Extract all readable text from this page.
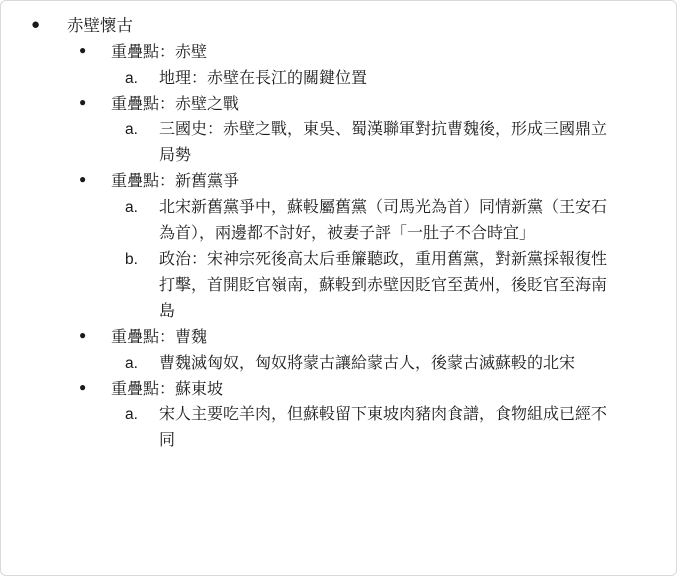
●	赤壁懷古
●	重疊點：赤壁
a.	地理：赤壁在長江的關鍵位置
●	重疊點：赤壁之戰
a.	三國史：赤壁之戰，東吳、蜀漢聯軍對抗曹魏後，形成三國鼎立局勢
●	重疊點：新舊黨爭
a.	北宋新舊黨爭中，蘇軗屬舊黨（司馬光為首）同情新黨（王安石為首），兩邊都不討好，被妻子評「一肚子不合時宜」
b.	政治：宋神宗死後高太后垂簾聽政，重用舊黨，對新黨採報復性打擊，首開貶官嶺南，蘇軗到赤壁因貶官至黃州，後貶官至海南島
●	重疊點：曹魏
a.	曹魏滅匈奴，匈奴將蒙古讓給蒙古人，後蒙古滅蘇軗的北宋
●	重疊點：蘇東坡
a.	宋人主要吃羊肉，但蘇軗留下東坡肉豬肉食譜，食物組成已經不同
